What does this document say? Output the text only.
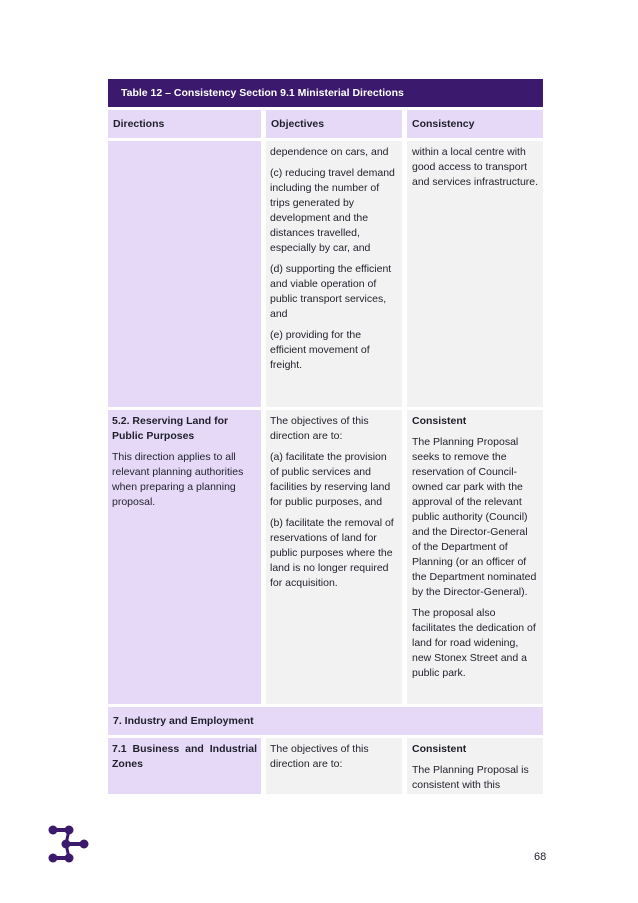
Table 12 – Consistency Section 9.1 Ministerial Directions
Directions	Objectives	Consistency

dependence on cars, and

(c) reducing travel demand including the number of trips generated by development and the distances travelled, especially by car, and

(d) supporting the efficient and viable operation of public transport services, and

(e) providing for the efficient movement of freight.

within a local centre with good access to transport and services infrastructure.

5.2. Reserving Land for Public Purposes

This direction applies to all relevant planning authorities when preparing a planning proposal.

The objectives of this direction are to:

(a) facilitate the provision of public services and facilities by reserving land for public purposes, and

(b) facilitate the removal of reservations of land for public purposes where the land is no longer required for acquisition.

Consistent

The Planning Proposal seeks to remove the reservation of Council-owned car park with the approval of the relevant public authority (Council) and the Director-General of the Department of Planning (or an officer of the Department nominated by the Director-General).

The proposal also facilitates the dedication of land for road widening, new Stonex Street and a public park.

7. Industry and Employment
7.1 Business and Industrial
Zones

The objectives of this direction are to:

Consistent

The Planning Proposal is consistent with this

68
